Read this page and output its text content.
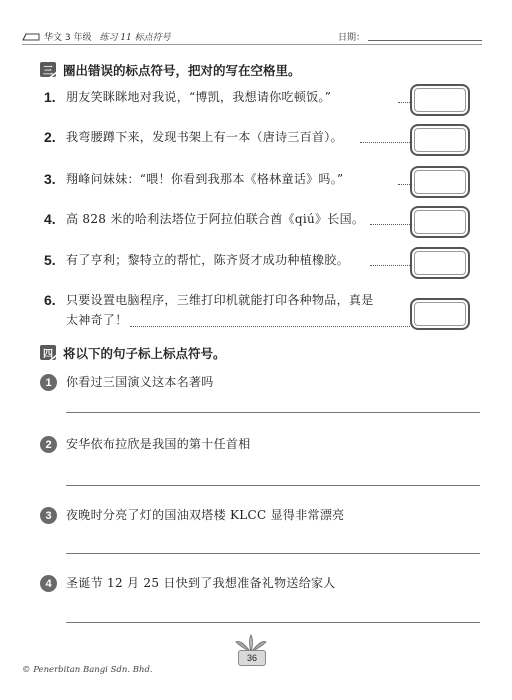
华文 3 年级 练习 11 标点符号	日期：
三 圈出错误的标点符号，把对的写在空格里。
1. 朋友笑眯眯地对我说，“博凯，我想请你吃顿饭。”
2. 我弯腰蹲下来，发现书架上有一本（唐诗三百首）。
3. 翔峰问妹妹：“喂！你看到我那本《格林童话》吗。”
4. 高 828 米的哈利法塔位于阿拉伯联合酋《qiú》长国。
5. 有了亨利；黎特立的帮忙，陈齐贤才成功种植橡胶。
6. 只要设置电脑程序，三维打印机就能打印各种物品，真是
太神奇了！
四 将以下的句子标上标点符号。
1	你看过三国演义这本名著吗
2	安华依布拉欣是我国的第十任首相
3	夜晚时分亮了灯的国油双塔楼 KLCC 显得非常漂亮
4	圣诞节 12 月 25 日快到了我想准备礼物送给家人
© Penerbitan Bangi Sdn. Bhd.
36
